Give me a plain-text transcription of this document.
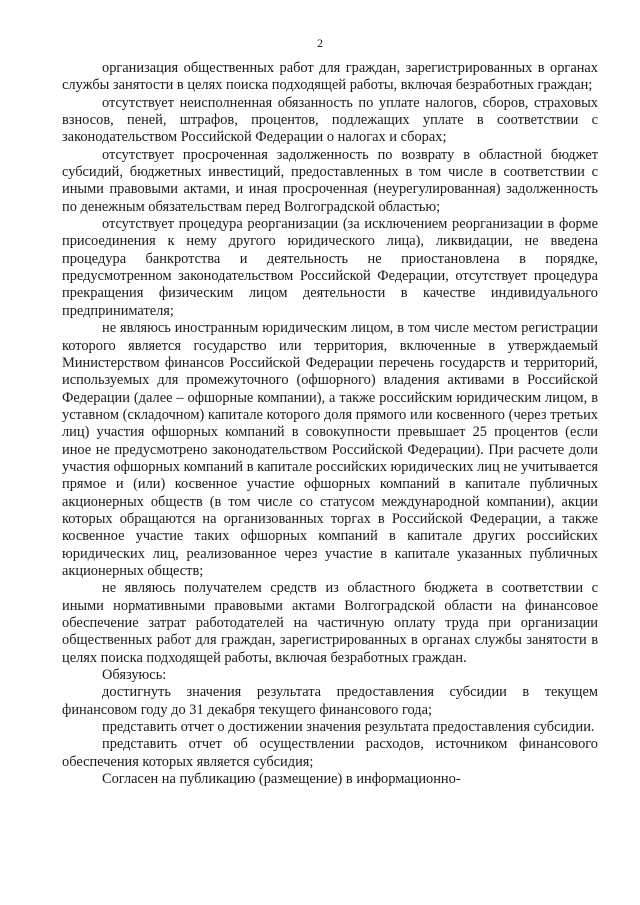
2

организация общественных работ для граждан, зарегистрированных в органах службы занятости в целях поиска подходящей работы, включая безработных граждан;

отсутствует неисполненная обязанность по уплате налогов, сборов, страховых взносов, пеней, штрафов, процентов, подлежащих уплате в соответствии с законодательством Российской Федерации о налогах и сборах;

отсутствует просроченная задолженность по возврату в областной бюджет субсидий, бюджетных инвестиций, предоставленных в том числе в соответствии с иными правовыми актами, и иная просроченная (неурегулированная) задолженность по денежным обязательствам перед Волгоградской областью;

отсутствует процедура реорганизации (за исключением реорганизации в форме присоединения к нему другого юридического лица), ликвидации, не введена процедура банкротства и деятельность не приостановлена в порядке, предусмотренном законодательством Российской Федерации, отсутствует процедура прекращения физическим лицом деятельности в качестве индивидуального предпринимателя;

не являюсь иностранным юридическим лицом, в том числе местом регистрации которого является государство или территория, включенные в утверждаемый Министерством финансов Российской Федерации перечень государств и территорий, используемых для промежуточного (офшорного) владения активами в Российской Федерации (далее – офшорные компании), а также российским юридическим лицом, в уставном (складочном) капитале которого доля прямого или косвенного (через третьих лиц) участия офшорных компаний в совокупности превышает 25 процентов (если иное не предусмотрено законодательством Российской Федерации). При расчете доли участия офшорных компаний в капитале российских юридических лиц не учитывается прямое и (или) косвенное участие офшорных компаний в капитале публичных акционерных обществ (в том числе со статусом международной компании), акции которых обращаются на организованных торгах в Российской Федерации, а также косвенное участие таких офшорных компаний в капитале других российских юридических лиц, реализованное через участие в капитале указанных публичных акционерных обществ;

не являюсь получателем средств из областного бюджета в соответствии с иными нормативными правовыми актами Волгоградской области на финансовое обеспечение затрат работодателей на частичную оплату труда при организации общественных работ для граждан, зарегистрированных в органах службы занятости в целях поиска подходящей работы, включая безработных граждан.

Обязуюсь:

достигнуть значения результата предоставления субсидии в текущем финансовом году до 31 декабря текущего финансового года;

представить отчет о достижении значения результата предоставления субсидии.

представить отчет об осуществлении расходов, источником финансового обеспечения которых является субсидия;

Согласен на публикацию (размещение) в информационно-
